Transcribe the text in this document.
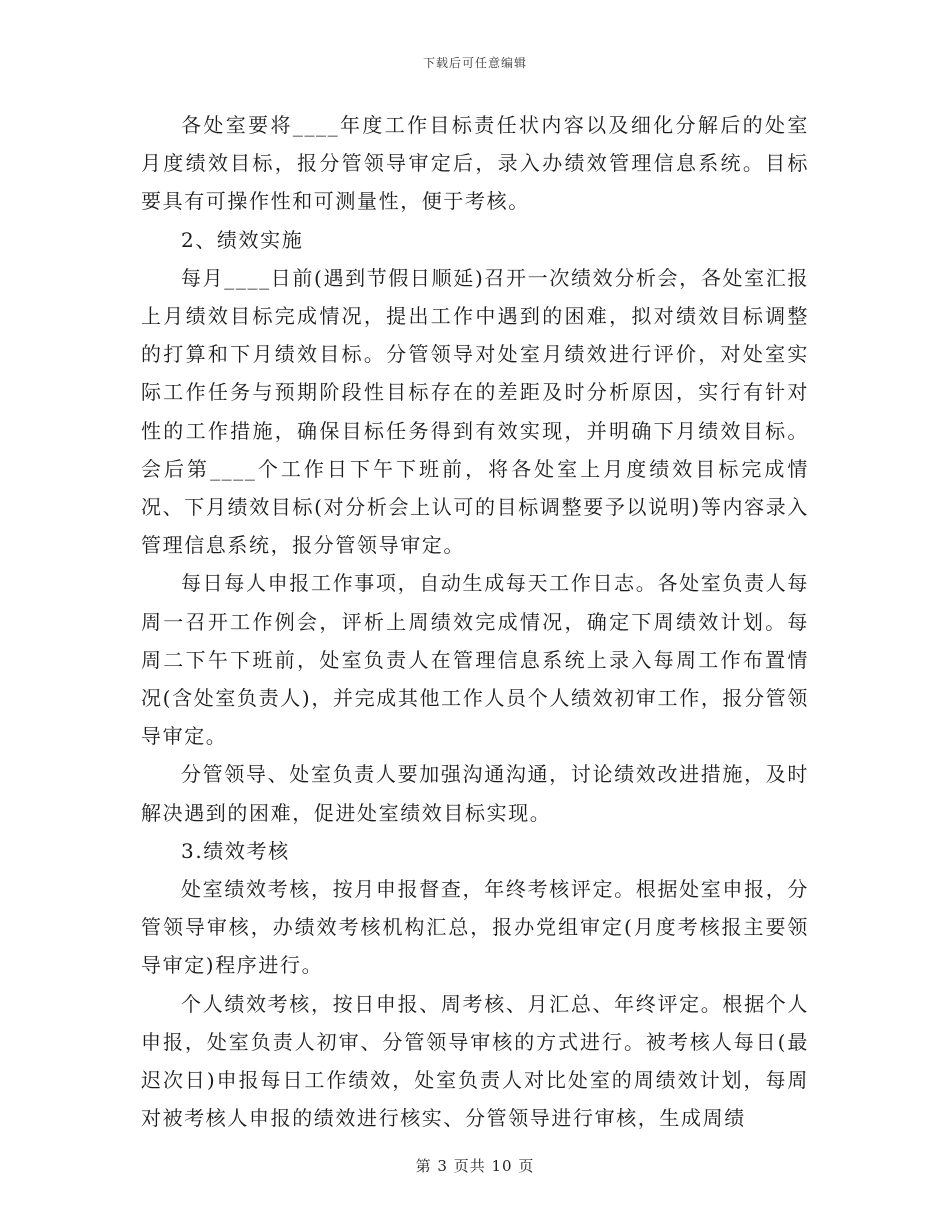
下载后可任意编辑

各处室要将____年度工作目标责任状内容以及细化分解后的处室月度绩效目标，报分管领导审定后，录入办绩效管理信息系统。目标要具有可操作性和可测量性，便于考核。

2、绩效实施

每月____日前(遇到节假日顺延)召开一次绩效分析会，各处室汇报上月绩效目标完成情况，提出工作中遇到的困难，拟对绩效目标调整的打算和下月绩效目标。分管领导对处室月绩效进行评价，对处室实际工作任务与预期阶段性目标存在的差距及时分析原因，实行有针对性的工作措施，确保目标任务得到有效实现，并明确下月绩效目标。会后第____个工作日下午下班前，将各处室上月度绩效目标完成情况、下月绩效目标(对分析会上认可的目标调整要予以说明)等内容录入管理信息系统，报分管领导审定。

每日每人申报工作事项，自动生成每天工作日志。各处室负责人每周一召开工作例会，评析上周绩效完成情况，确定下周绩效计划。每周二下午下班前，处室负责人在管理信息系统上录入每周工作布置情况(含处室负责人)，并完成其他工作人员个人绩效初审工作，报分管领导审定。

分管领导、处室负责人要加强沟通沟通，讨论绩效改进措施，及时解决遇到的困难，促进处室绩效目标实现。

3.绩效考核

处室绩效考核，按月申报督查，年终考核评定。根据处室申报，分管领导审核，办绩效考核机构汇总，报办党组审定(月度考核报主要领导审定)程序进行。

个人绩效考核，按日申报、周考核、月汇总、年终评定。根据个人申报，处室负责人初审、分管领导审核的方式进行。被考核人每日(最迟次日)申报每日工作绩效，处室负责人对比处室的周绩效计划，每周对被考核人申报的绩效进行核实、分管领导进行审核，生成周绩

第 3 页共 10 页
